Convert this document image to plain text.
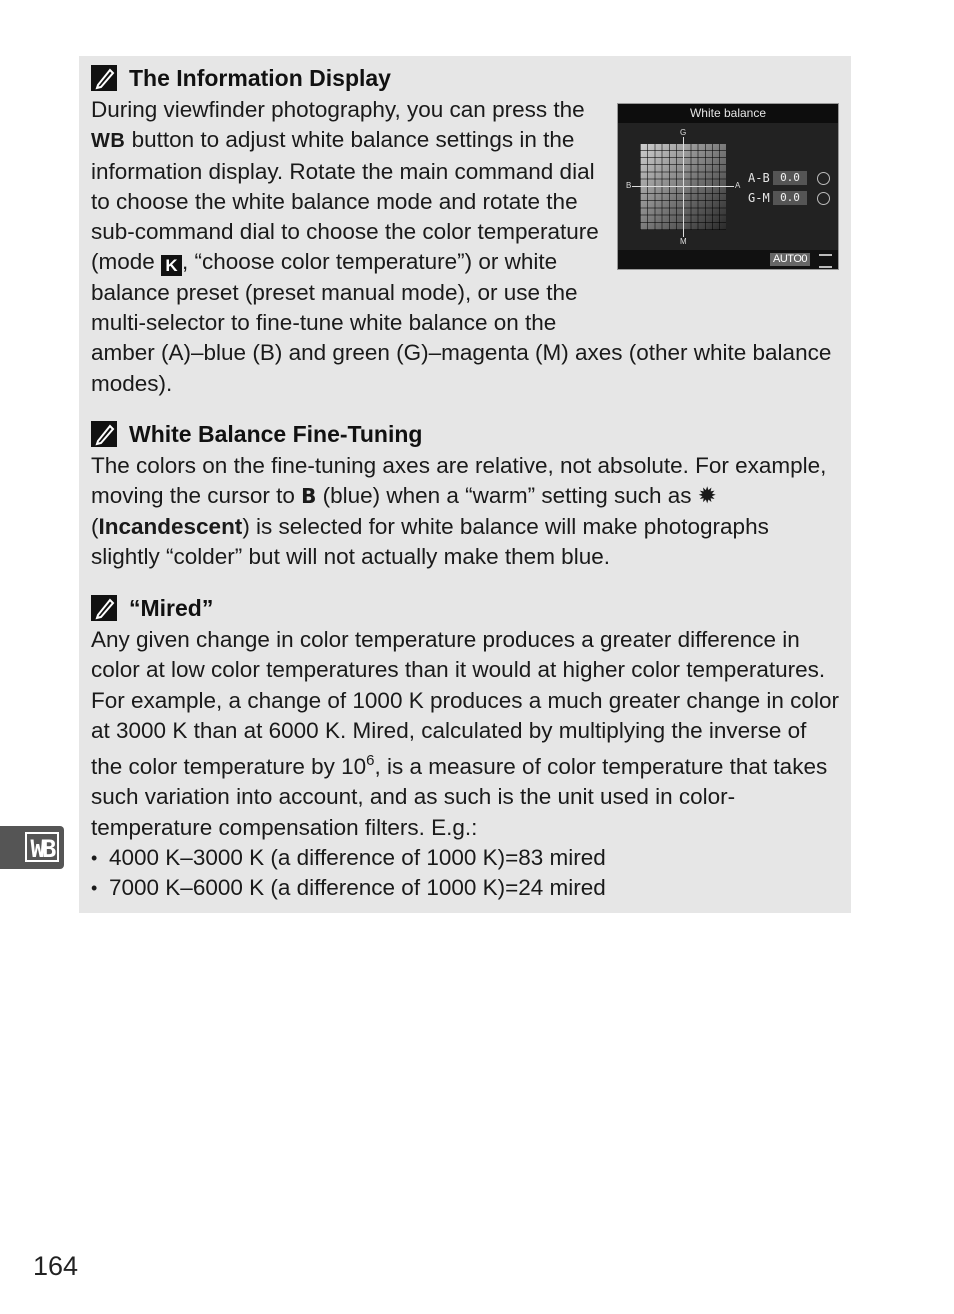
The Information Display

During viewfinder photography, you can press the WB button to adjust white balance settings in the information display. Rotate the main command dial to choose the white balance mode and rotate the sub-command dial to choose the color temperature (mode K , “choose color temperature”) or white balance preset (preset manual mode), or use the multi-selector to fine-tune white balance on the amber (A)–blue (B) and green (G)–magenta (M) axes (other white balance modes).

White balance
G
M
B	A
A-B 0.0
G-M 0.0
AUTO0
White Balance Fine-Tuning

The colors on the fine-tuning axes are relative, not absolute. For example, moving the cursor to B (blue) when a “warm” setting such as ✹ (Incandescent) is selected for white balance will make photographs slightly “colder” but will not actually make them blue.

“Mired”

Any given change in color temperature produces a greater difference in color at low color temperatures than it would at higher color temperatures. For example, a change of 1000 K produces a much greater change in color at 3000 K than at 6000 K. Mired, calculated by multiplying the inverse of the color temperature by $10^6$, is a measure of color temperature that takes such variation into account, and as such is the unit used in color-temperature compensation filters. E.g.:

• 4000 K–3000 K (a difference of 1000 K)=83 mired
• 7000 K–6000 K (a difference of 1000 K)=24 mired
WB
164
